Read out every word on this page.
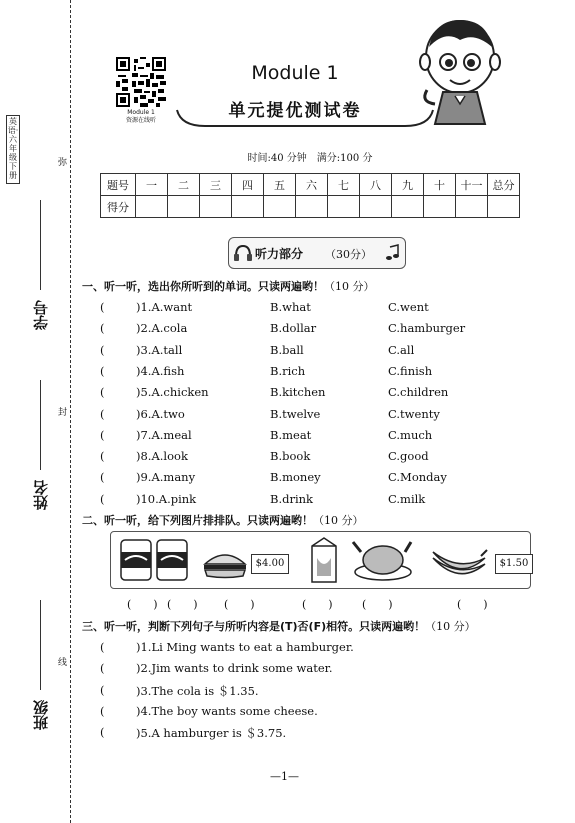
英语·六年级下册
学号
姓名
班级
弥
封
线
Module 1
资源在线听
Module 1
单元提优测试卷
时间:40 分钟　满分:100 分
题号	一	二	三	四	五	六	七	八	九	十	十一	总分
得分												
听力部分 （30分）
一、听一听，选出你所听到的单词。只读两遍哟！（10 分）
(	)1.A.want	B.what	C.went
(	)2.A.cola	B.dollar	C.hamburger
(	)3.A.tall	B.ball	C.all
(	)4.A.fish	B.rich	C.finish
(	)5.A.chicken	B.kitchen	C.children
(	)6.A.two	B.twelve	C.twenty
(	)7.A.meal	B.meat	C.much
(	)8.A.look	B.book	C.good
(	)9.A.many	B.money	C.Monday
(	)10.A.pink	B.drink	C.milk
二、听一听，给下列图片排排队。只读两遍哟！（10 分）
$4.00	$1.50
(　　) (　　) (　　)	(　　)	(　　)	(　　)
三、听一听，判断下列句子与所听内容是(T)否(F)相符。只读两遍哟！（10 分）
(	)1.Li Ming wants to eat a hamburger.
(	)2.Jim wants to drink some water.
(	)3.The cola is ＄1.35.
(	)4.The boy wants some cheese.
(	)5.A hamburger is ＄3.75.
—1—
